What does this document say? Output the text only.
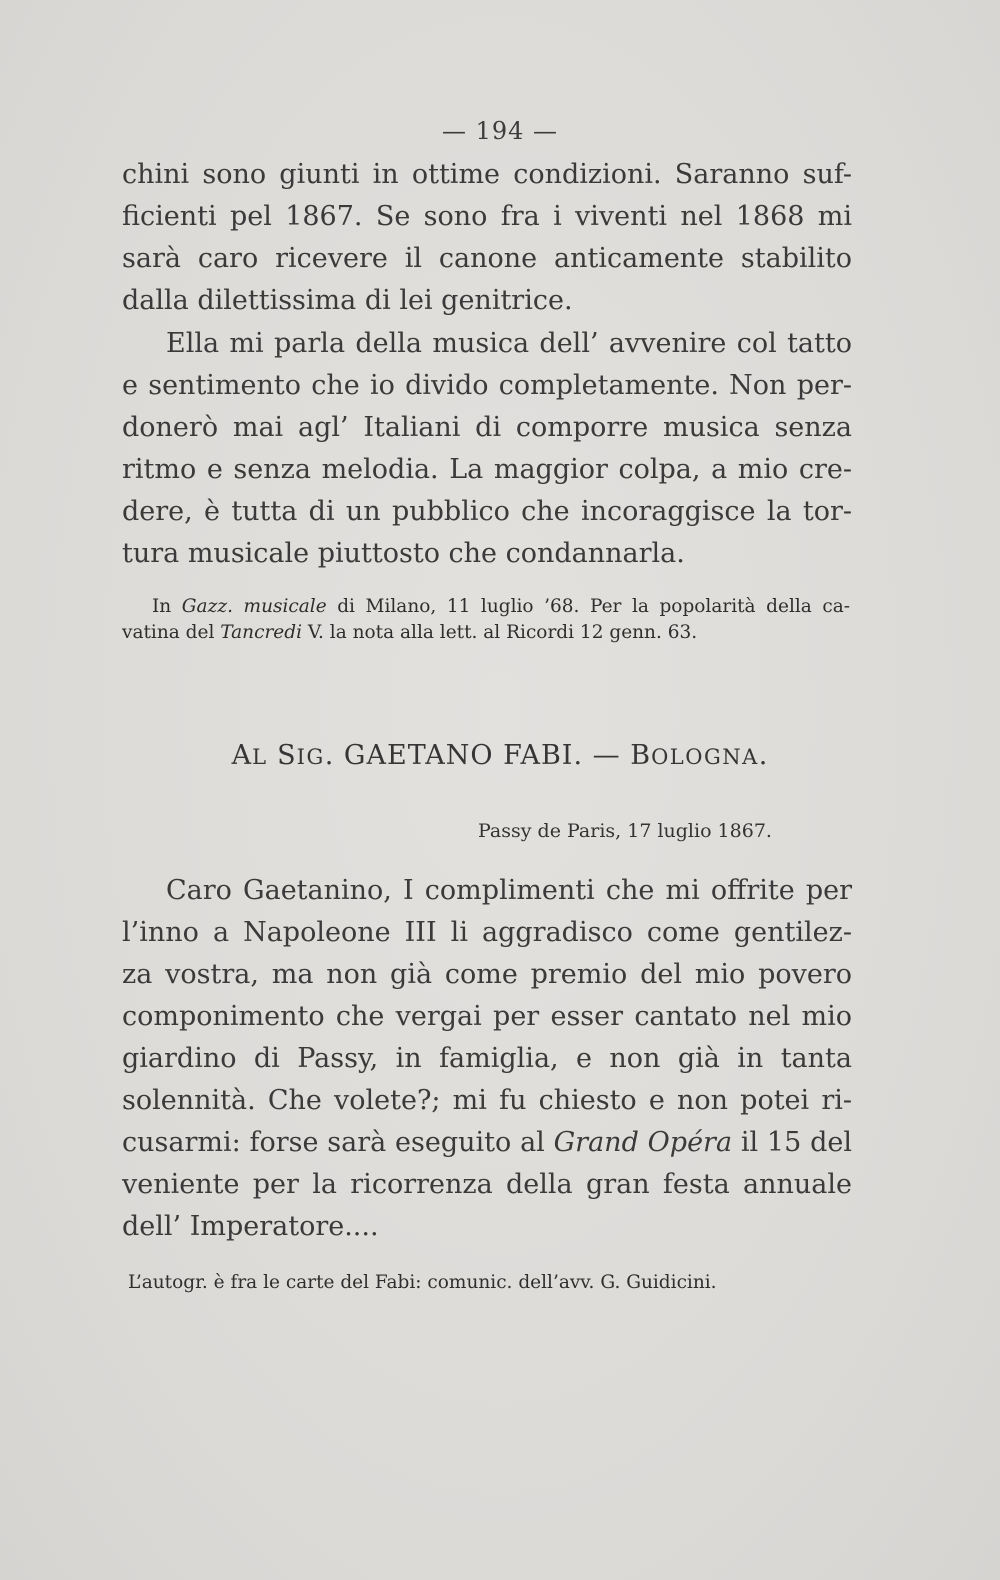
— 194 —
chini sono giunti in ottime condizioni. Saranno suf-
ficienti pel 1867. Se sono fra i viventi nel 1868 mi
sarà caro ricevere il canone anticamente stabilito
dalla dilettissima di lei genitrice.
Ella mi parla della musica dell’ avvenire col tatto
e sentimento che io divido completamente. Non per-
donerò mai agl’ Italiani di comporre musica senza
ritmo e senza melodia. La maggior colpa, a mio cre-
dere, è tutta di un pubblico che incoraggisce la tor-
tura musicale piuttosto che condannarla.
In Gazz. musicale di Milano, 11 luglio ’68. Per la popolarità della ca-
vatina del Tancredi V. la nota alla lett. al Ricordi 12 genn. 63.
AL SIG. GAETANO FABI. — BOLOGNA.
Passy de Paris, 17 luglio 1867.
Caro Gaetanino, I complimenti che mi offrite per
l’inno a Napoleone III li aggradisco come gentilez-
za vostra, ma non già come premio del mio povero
componimento che vergai per esser cantato nel mio
giardino di Passy, in famiglia, e non già in tanta
solennità. Che volete?; mi fu chiesto e non potei ri-
cusarmi: forse sarà eseguito al Grand Opéra il 15 del
veniente per la ricorrenza della gran festa annuale
dell’ Imperatore....
L’autogr. è fra le carte del Fabi: comunic. dell’avv. G. Guidicini.
